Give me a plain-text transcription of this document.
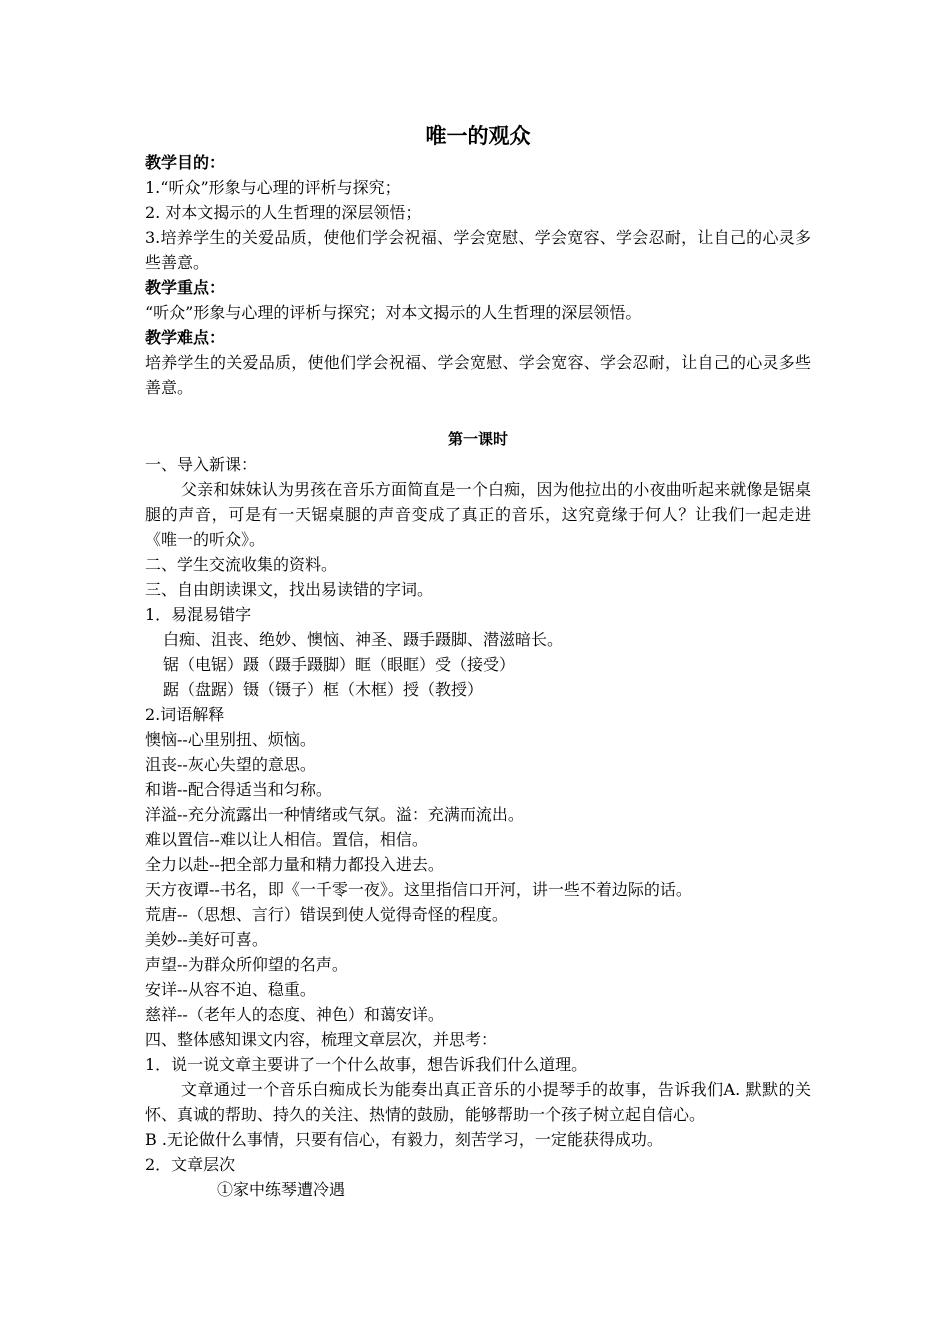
唯一的观众

教学目的：

1.“听众”形象与心理的评析与探究；

2. 对本文揭示的人生哲理的深层领悟；

3.培养学生的关爱品质，使他们学会祝福、学会宽慰、学会宽容、学会忍耐，让自己的心灵多些善意。

教学重点：

“听众”形象与心理的评析与探究；对本文揭示的人生哲理的深层领悟。

教学难点：

培养学生的关爱品质，使他们学会祝福、学会宽慰、学会宽容、学会忍耐，让自己的心灵多些善意。

第一课时

一、导入新课：

父亲和妹妹认为男孩在音乐方面简直是一个白痴，因为他拉出的小夜曲听起来就像是锯桌腿的声音，可是有一天锯桌腿的声音变成了真正的音乐，这究竟缘于何人？让我们一起走进《唯一的听众》。

二、学生交流收集的资料。

三、自由朗读课文，找出易读错的字词。

1．易混易错字

白痴、沮丧、绝妙、懊恼、神圣、蹑手蹑脚、潜滋暗长。

锯（电锯）蹑（蹑手蹑脚）眶（眼眶）受（接受）

踞（盘踞）镊（镊子）框（木框）授（教授）

2.词语解释

懊恼--心里别扭、烦恼。

沮丧--灰心失望的意思。

和谐--配合得适当和匀称。

洋溢--充分流露出一种情绪或气氛。溢：充满而流出。

难以置信--难以让人相信。置信，相信。

全力以赴--把全部力量和精力都投入进去。

天方夜谭--书名，即《一千零一夜》。这里指信口开河，讲一些不着边际的话。

荒唐--（思想、言行）错误到使人觉得奇怪的程度。

美妙--美好可喜。

声望--为群众所仰望的名声。

安详--从容不迫、稳重。

慈祥--（老年人的态度、神色）和蔼安详。

四、整体感知课文内容，梳理文章层次，并思考：

1．说一说文章主要讲了一个什么故事，想告诉我们什么道理。

文章通过一个音乐白痴成长为能奏出真正音乐的小提琴手的故事，告诉我们A. 默默的关怀、真诚的帮助、持久的关注、热情的鼓励，能够帮助一个孩子树立起自信心。

B .无论做什么事情，只要有信心，有毅力，刻苦学习，一定能获得成功。

2．文章层次

①家中练琴遭冷遇
